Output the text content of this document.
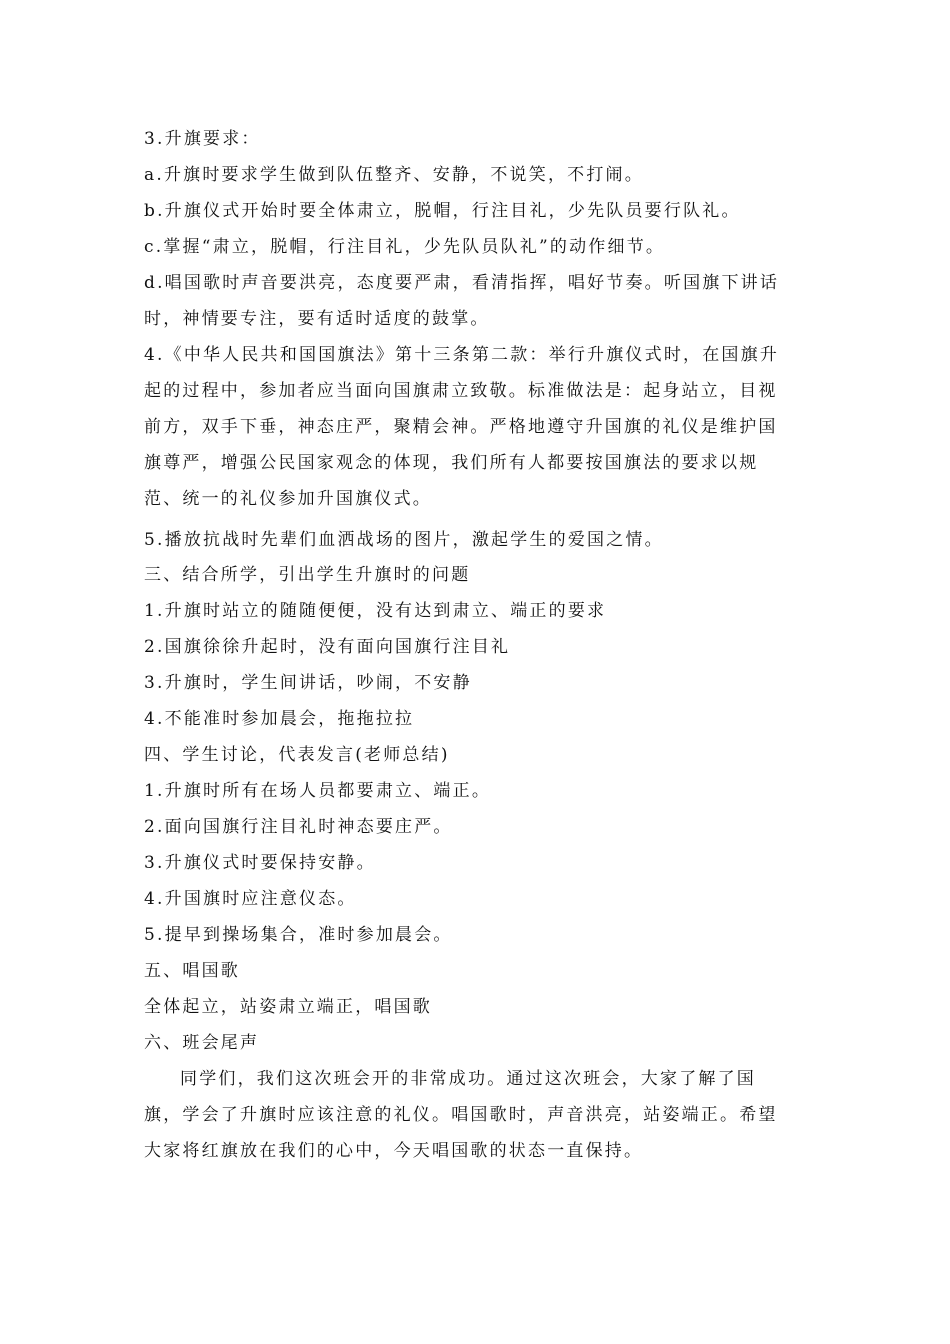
3.升旗要求：
a.升旗时要求学生做到队伍整齐、安静，不说笑，不打闹。
b.升旗仪式开始时要全体肃立，脱帽，行注目礼，少先队员要行队礼。
c.掌握“肃立，脱帽，行注目礼，少先队员队礼”的动作细节。
d.唱国歌时声音要洪亮，态度要严肃，看清指挥，唱好节奏。听国旗下讲话
时，神情要专注，要有适时适度的鼓掌。
4.《中华人民共和国国旗法》第十三条第二款：举行升旗仪式时，在国旗升
起的过程中，参加者应当面向国旗肃立致敬。标准做法是：起身站立，目视
前方，双手下垂，神态庄严，聚精会神。严格地遵守升国旗的礼仪是维护国
旗尊严，增强公民国家观念的体现，我们所有人都要按国旗法的要求以规
范、统一的礼仪参加升国旗仪式。
5.播放抗战时先辈们血洒战场的图片，激起学生的爱国之情。
三、结合所学，引出学生升旗时的问题
1.升旗时站立的随随便便，没有达到肃立、端正的要求
2.国旗徐徐升起时，没有面向国旗行注目礼
3.升旗时，学生间讲话，吵闹，不安静
4.不能准时参加晨会，拖拖拉拉
四、学生讨论，代表发言(老师总结)
1.升旗时所有在场人员都要肃立、端正。
2.面向国旗行注目礼时神态要庄严。
3.升旗仪式时要保持安静。
4.升国旗时应注意仪态。
5.提早到操场集合，准时参加晨会。
五、唱国歌
全体起立，站姿肃立端正，唱国歌
六、班会尾声
同学们，我们这次班会开的非常成功。通过这次班会，大家了解了国
旗，学会了升旗时应该注意的礼仪。唱国歌时，声音洪亮，站姿端正。希望
大家将红旗放在我们的心中，今天唱国歌的状态一直保持。
